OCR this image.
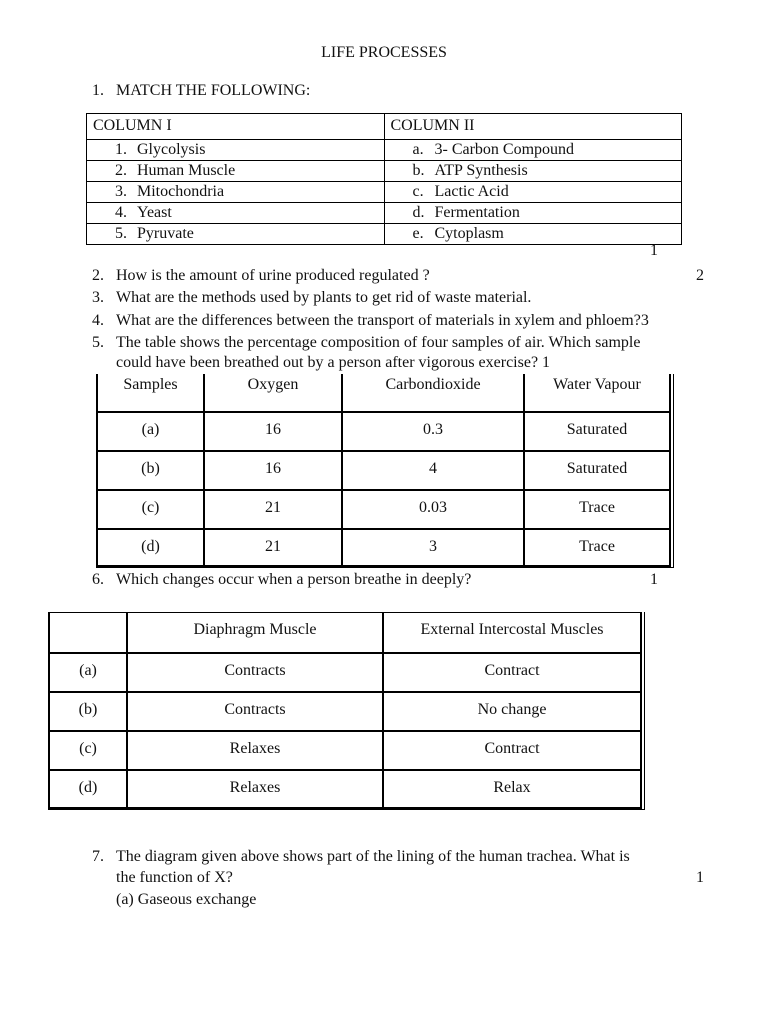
LIFE PROCESSES
1. MATCH THE FOLLOWING:
COLUMN I	COLUMN II

1. Glycolysis	a. 3- Carbon Compound

2. Human Muscle	b. ATP Synthesis

3. Mitochondria	c. Lactic Acid

4. Yeast	d. Fermentation

5. Pyruvate	e. Cytoplasm
1
2. How is the amount of urine produced regulated ?	2
3. What are the methods used by plants to get rid of waste material.
4. What are the differences between the transport of materials in xylem and phloem?3
5. The table shows the percentage composition of four samples of air. Which sample
could have been breathed out by a person after vigorous exercise? 1
Samples	Oxygen	Carbondioxide	Water Vapour
(a)	16	0.3	Saturated
(b)	16	4	Saturated
(c)	21	0.03	Trace
(d)	21	3	Trace
6. Which changes occur when a person breathe in deeply?	1
	Diaphragm Muscle	External Intercostal Muscles
(a)	Contracts	Contract
(b)	Contracts	No change
(c)	Relaxes	Contract
(d)	Relaxes	Relax
7. The diagram given above shows part of the lining of the human trachea. What is
the function of X?	1
(a) Gaseous exchange
